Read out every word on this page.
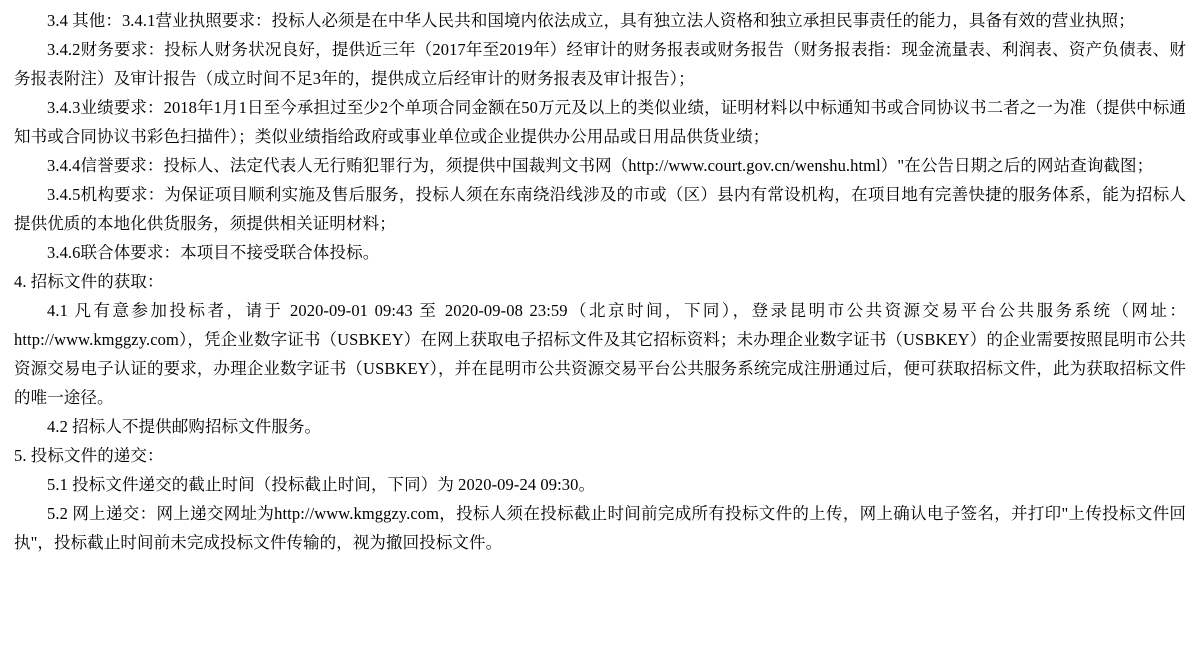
3.4 其他：3.4.1营业执照要求：投标人必须是在中华人民共和国境内依法成立，具有独立法人资格和独立承担民事责任的能力，具备有效的营业执照；

3.4.2财务要求：投标人财务状况良好，提供近三年（2017年至2019年）经审计的财务报表或财务报告（财务报表指：现金流量表、利润表、资产负债表、财务报表附注）及审计报告（成立时间不足3年的，提供成立后经审计的财务报表及审计报告）；

3.4.3业绩要求：2018年1月1日至今承担过至少2个单项合同金额在50万元及以上的类似业绩，证明材料以中标通知书或合同协议书二者之一为准（提供中标通知书或合同协议书彩色扫描件）；类似业绩指给政府或事业单位或企业提供办公用品或日用品供货业绩；

3.4.4信誉要求：投标人、法定代表人无行贿犯罪行为，须提供中国裁判文书网（http://www.court.gov.cn/wenshu.html）"在公告日期之后的网站查询截图；

3.4.5机构要求：为保证项目顺利实施及售后服务，投标人须在东南绕沿线涉及的市或（区）县内有常设机构，在项目地有完善快捷的服务体系，能为招标人提供优质的本地化供货服务，须提供相关证明材料；

3.4.6联合体要求：本项目不接受联合体投标。

4. 招标文件的获取：

4.1 凡有意参加投标者，请于 2020-09-01 09:43 至 2020-09-08 23:59（北京时间，下同），登录昆明市公共资源交易平台公共服务系统（网址：http://www.kmggzy.com），凭企业数字证书（USBKEY）在网上获取电子招标文件及其它招标资料；未办理企业数字证书（USBKEY）的企业需要按照昆明市公共资源交易电子认证的要求，办理企业数字证书（USBKEY），并在昆明市公共资源交易平台公共服务系统完成注册通过后，便可获取招标文件，此为获取招标文件的唯一途径。

4.2 招标人不提供邮购招标文件服务。

5. 投标文件的递交：

5.1 投标文件递交的截止时间（投标截止时间，下同）为 2020-09-24 09:30。

5.2 网上递交：网上递交网址为http://www.kmggzy.com，投标人须在投标截止时间前完成所有投标文件的上传，网上确认电子签名，并打印"上传投标文件回执"，投标截止时间前未完成投标文件传输的，视为撤回投标文件。
